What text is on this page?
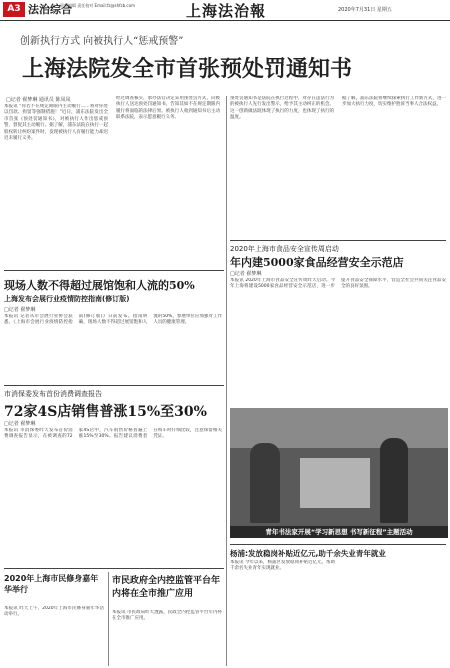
A3 法治综合
责任编辑 责任校对 Email:fz@shfzb.com	上海法治報	2020年7月31日 星期五
创新执行方式 向被执行人“惩戒预警”
上海法院发全市首张预处罚通知书
□记者 翟梦琳 通讯员 陈凤凤
本报讯 “你若不在规定期限内主动履行……将对你处以罚款、拘留等强制措施！”近日，浦东法院发出全市首张《预处罚通知书》，对被执行人作出惩戒预警，督促其主动履行。据了解，浦东法院在执行一起股权转让纠纷案件时，发现被执行人有履行能力却迟迟未履行义务。
经过调查核实，承办法官决定采用预处罚方式，向被执行人送达预处罚通知书，告知其如不在规定期限内履行将面临的法律后果。被执行人收到通知书后主动联系法院，表示愿意履行义务。
预处罚通知书是法院在执行过程中，对存在违法行为的被执行人先行发出警示，给予其主动纠正的机会。这一创新做法既体现了执行的力度，也体现了执行的温度。
据了解，浦东法院将继续探索执行工作新方式，进一步加大执行力度，切实维护胜诉当事人合法权益。
现场人数不得超过展馆饱和人流的50%
上海发布会展行业疫情防控指南(修订版)
□记者 翟梦琳
本报讯 记者从市会展行业协会获悉，《上海市会展行业疫情防控指南(修订版)》日前发布。指南明确，现场人数不得超过展馆饱和人流的50%，参展单位应加强对工作人员的健康管理。
市消保委发布首份消费调查报告
72家4S店销售普涨15%至30%
□记者 翟梦琳
本报讯 市消保委昨天发布首份消费调查报告显示，在被调查的72家4S店中，汽车销售价格普遍上涨15%至30%。报告建议消费者在购车时仔细比较，注意保留相关凭证。
2020年上海市食品安全宣传周启动
年内建5000家食品经营安全示范店
□记者 翟梦琳
本报讯 2020年上海市食品安全宣传周昨天启动。今年上海将建设5000家食品经营安全示范店，进一步提升食品安全保障水平，营造全社会共同关注食品安全的良好氛围。
青年书法家开展“学习新思想 书写新征程”主题活动
2020年上海市民修身嘉年华举行
市民政府全内控监管平台年内将在全市推广应用
本报讯 昨天上午，2020年上海市民修身嘉年华活动举行。	本报讯 市民政局昨天透露，民政全内控监管平台年内将在全市推广应用。
杨浦:发放稳岗补贴近亿元,助千余失业青年就业
本报讯 今年以来，杨浦区发放稳岗补贴近亿元，帮助千余名失业青年实现就业。
